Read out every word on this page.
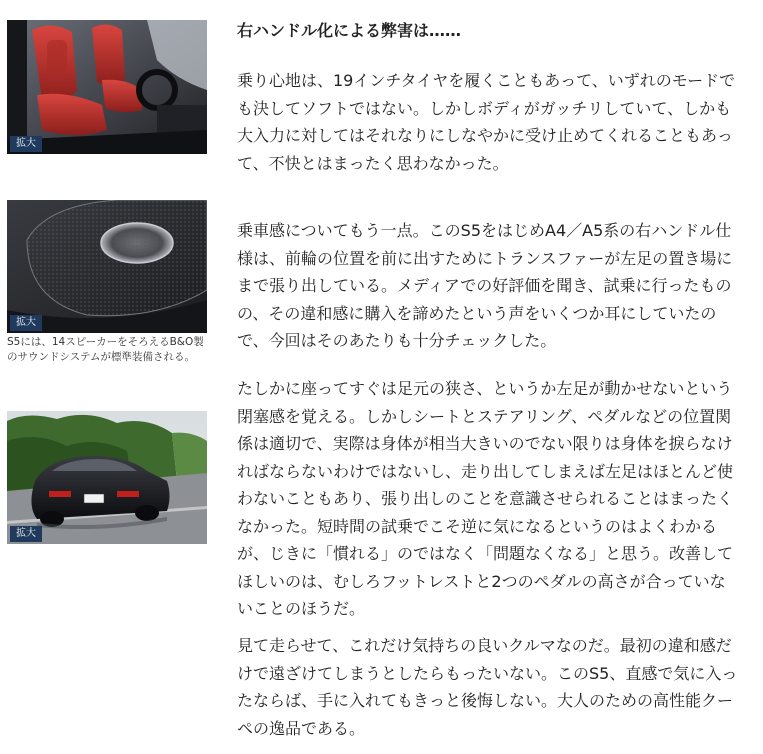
拡大
拡大

S5には、14スピーカーをそろえるB&O製のサウンドシステムが標準装備される。

拡大
右ハンドル化による弊害は……

乗り心地は、19インチタイヤを履くこともあって、いずれのモードでも決してソフトではない。しかしボディがガッチリしていて、しかも大入力に対してはそれなりにしなやかに受け止めてくれることもあって、不快とはまったく思わなかった。

乗車感についてもう一点。このS5をはじめA4／A5系の右ハンドル仕様は、前輪の位置を前に出すためにトランスファーが左足の置き場にまで張り出している。メディアでの好評価を聞き、試乗に行ったものの、その違和感に購入を諦めたという声をいくつか耳にしていたので、今回はそのあたりも十分チェックした。

たしかに座ってすぐは足元の狭さ、というか左足が動かせないという閉塞感を覚える。しかしシートとステアリング、ペダルなどの位置関係は適切で、実際は身体が相当大きいのでない限りは身体を捩らなければならないわけではないし、走り出してしまえば左足はほとんど使わないこともあり、張り出しのことを意識させられることはまったくなかった。短時間の試乗でこそ逆に気になるというのはよくわかるが、じきに「慣れる」のではなく「問題なくなる」と思う。改善してほしいのは、むしろフットレストと2つのペダルの高さが合っていないことのほうだ。

見て走らせて、これだけ気持ちの良いクルマなのだ。最初の違和感だけで遠ざけてしまうとしたらもったいない。このS5、直感で気に入ったならば、手に入れてもきっと後悔しない。大人のための高性能クーペの逸品である。
